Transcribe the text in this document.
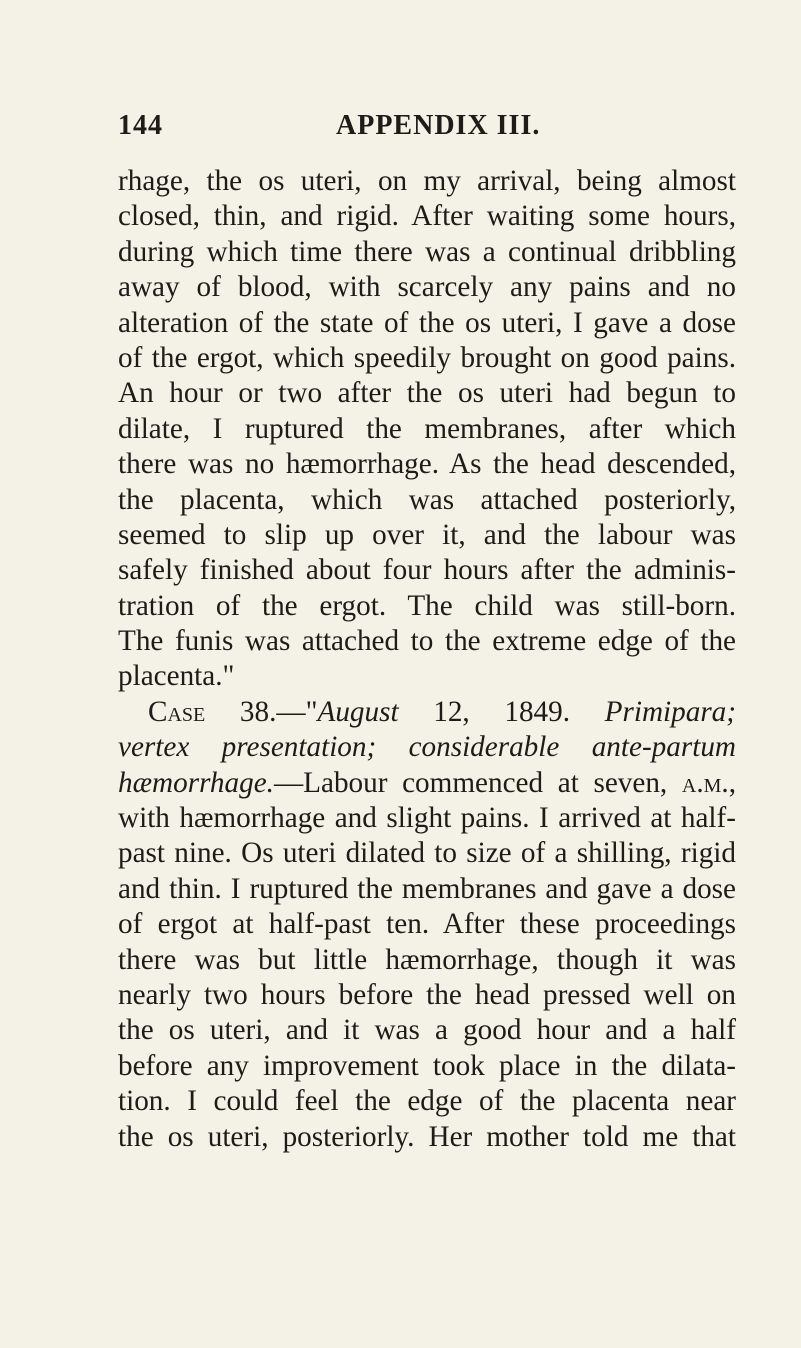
144	APPENDIX III.
rhage, the os uteri, on my arrival, being almost
closed, thin, and rigid. After waiting some hours,
during which time there was a continual dribbling
away of blood, with scarcely any pains and no
alteration of the state of the os uteri, I gave a dose
of the ergot, which speedily brought on good pains.
An hour or two after the os uteri had begun to
dilate, I ruptured the membranes, after which
there was no hæmorrhage. As the head descended,
the placenta, which was attached posteriorly,
seemed to slip up over it, and the labour was
safely finished about four hours after the adminis-
tration of the ergot. The child was still-born.
The funis was attached to the extreme edge of the
placenta."
Case 38.—"August 12, 1849. Primipara;
vertex presentation; considerable ante-partum
hæmorrhage.—Labour commenced at seven, a.m.,
with hæmorrhage and slight pains. I arrived at half-
past nine. Os uteri dilated to size of a shilling, rigid
and thin. I ruptured the membranes and gave a dose
of ergot at half-past ten. After these proceedings
there was but little hæmorrhage, though it was
nearly two hours before the head pressed well on
the os uteri, and it was a good hour and a half
before any improvement took place in the dilata-
tion. I could feel the edge of the placenta near
the os uteri, posteriorly. Her mother told me that
